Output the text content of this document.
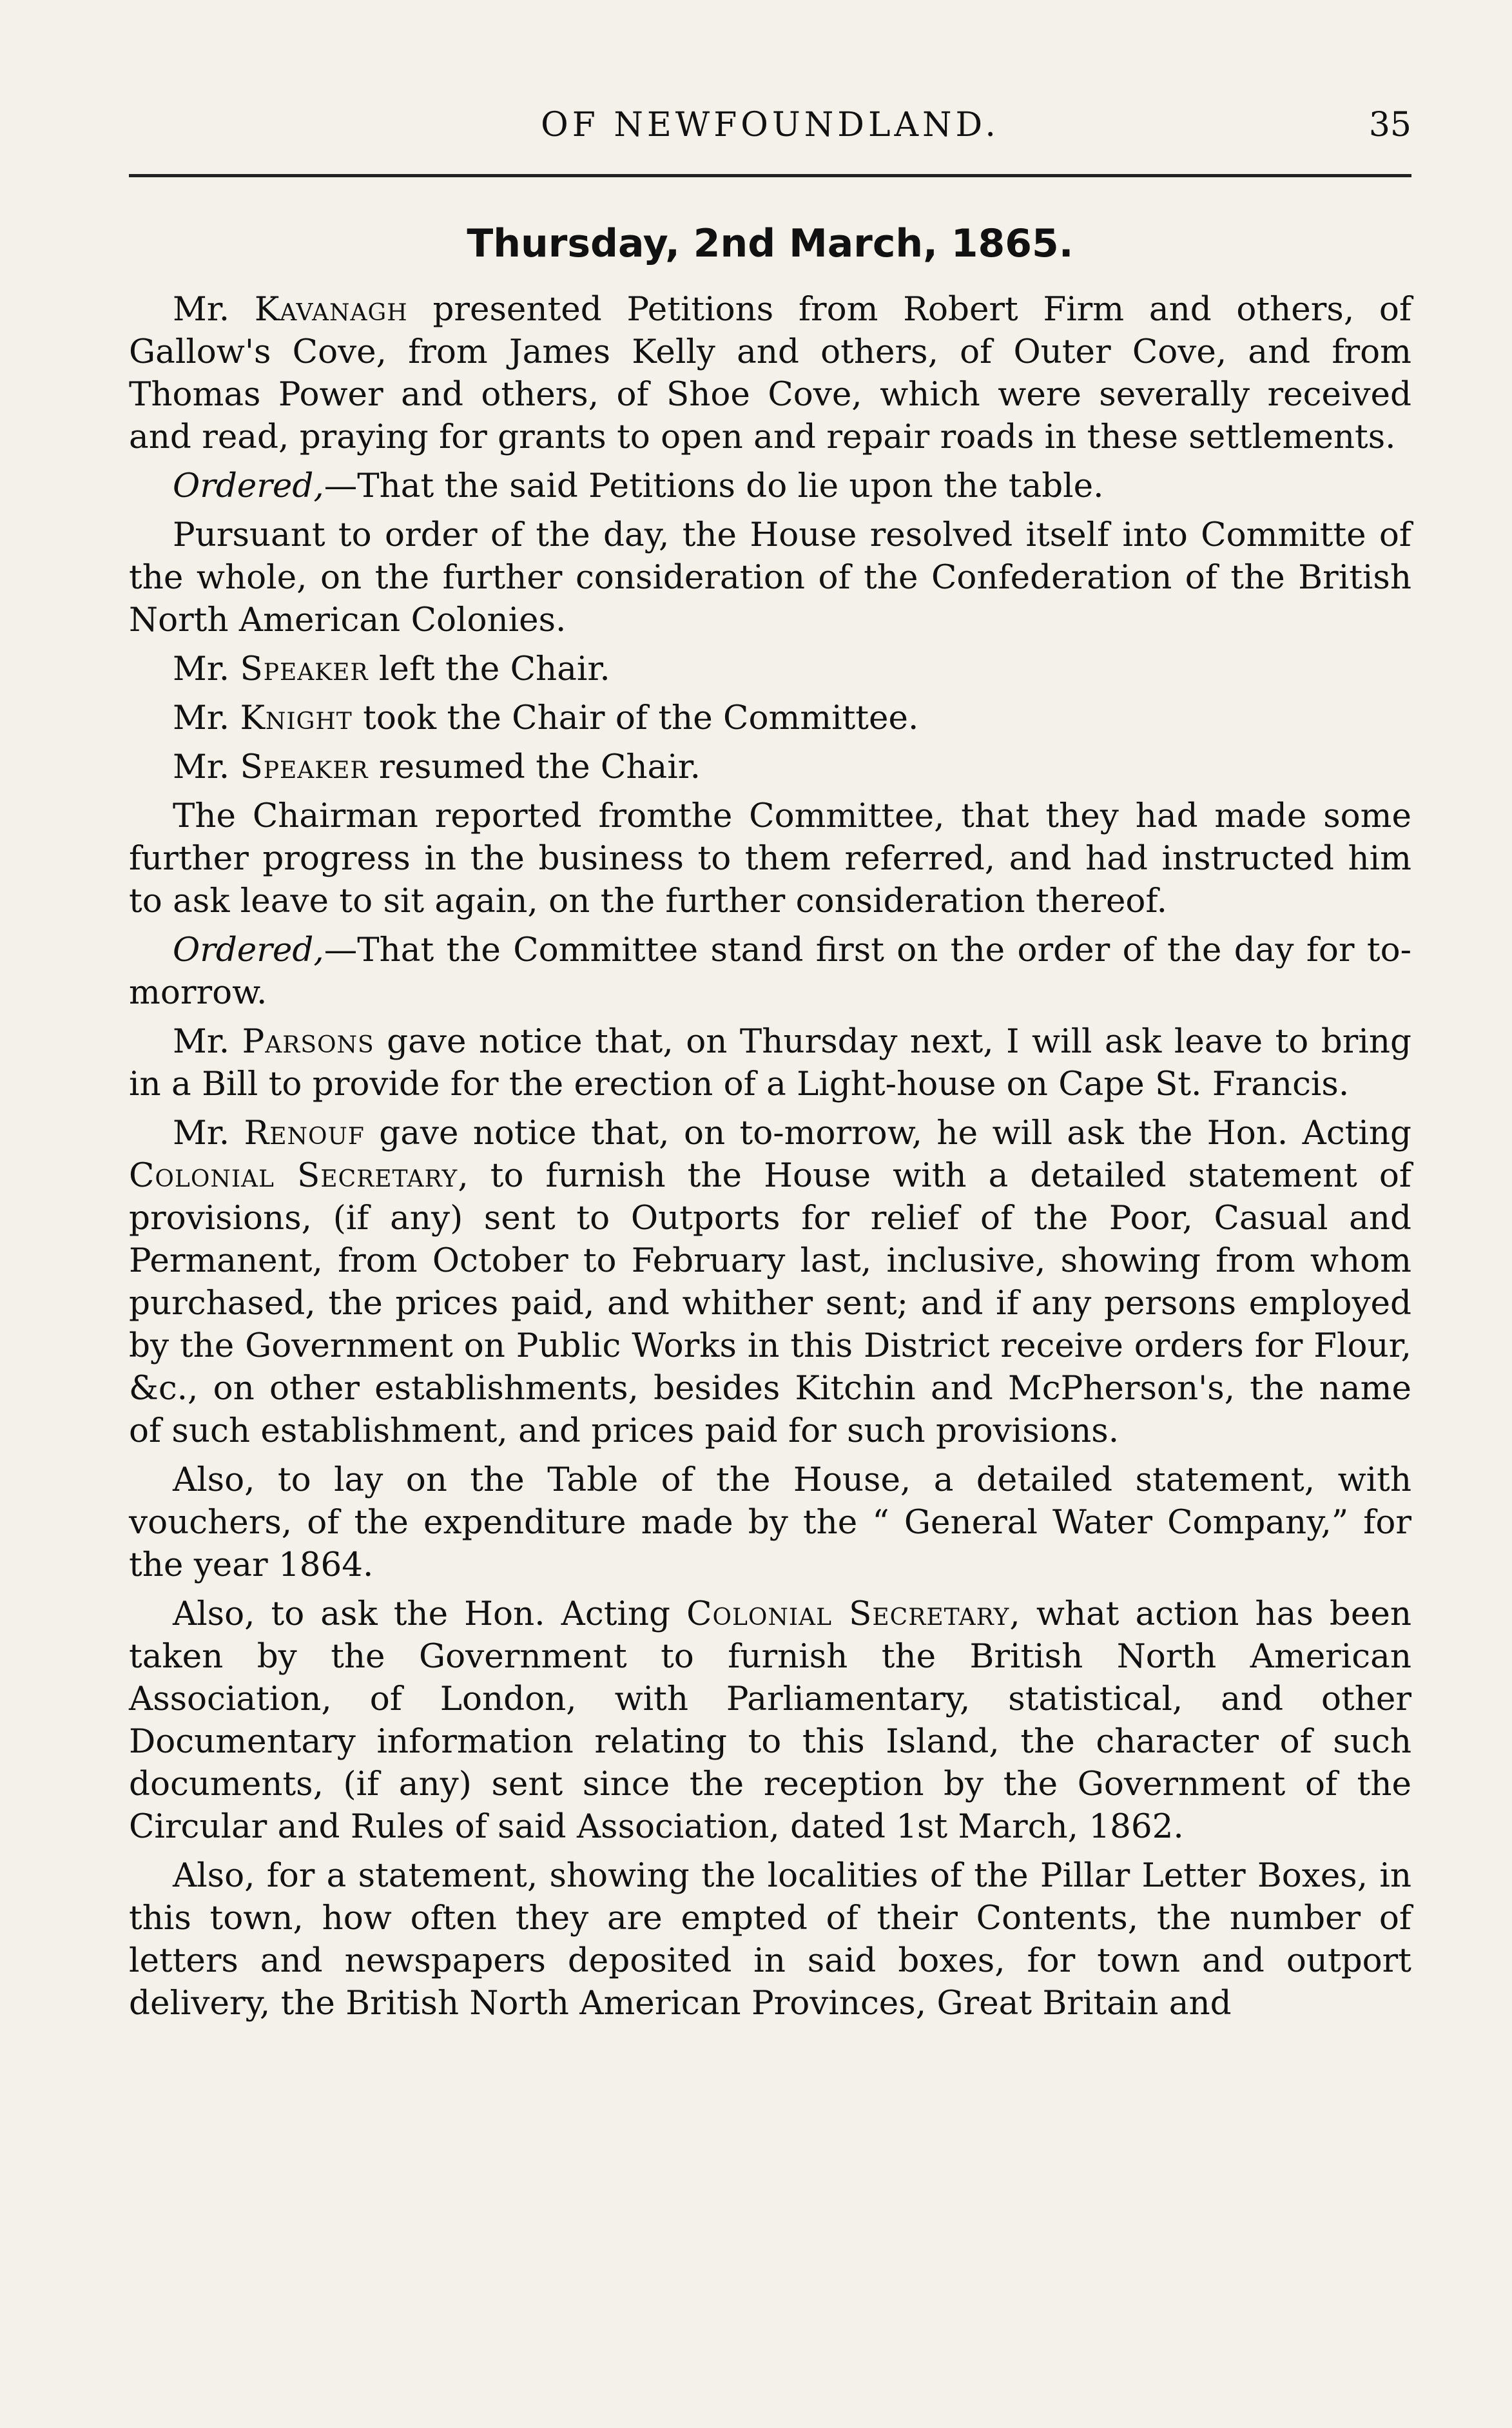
OF NEWFOUNDLAND.	35
Thursday, 2nd March, 1865.

Mr. Kavanagh presented Petitions from Robert Firm and others, of Gallow's Cove, from James Kelly and others, of Outer Cove, and from Thomas Power and others, of Shoe Cove, which were severally received and read, praying for grants to open and repair roads in these settlements.

Ordered,—That the said Petitions do lie upon the table.

Pursuant to order of the day, the House resolved itself into Committe of the whole, on the further consideration of the Confederation of the British North American Colonies.

Mr. Speaker left the Chair.

Mr. Knight took the Chair of the Committee.

Mr. Speaker resumed the Chair.

The Chairman reported fromthe Committee, that they had made some further progress in the business to them referred, and had instructed him to ask leave to sit again, on the further consideration thereof.

Ordered,—That the Committee stand first on the order of the day for to-morrow.

Mr. Parsons gave notice that, on Thursday next, I will ask leave to bring in a Bill to provide for the erection of a Light-house on Cape St. Francis.

Mr. Renouf gave notice that, on to-morrow, he will ask the Hon. Acting Colonial Secretary, to furnish the House with a detailed statement of provisions, (if any) sent to Outports for relief of the Poor, Casual and Permanent, from October to February last, inclusive, showing from whom purchased, the prices paid, and whither sent; and if any persons employed by the Government on Public Works in this District receive orders for Flour, &c., on other establishments, besides Kitchin and McPherson's, the name of such establishment, and prices paid for such provisions.

Also, to lay on the Table of the House, a detailed statement, with vouchers, of the expenditure made by the “ General Water Company,” for the year 1864.

Also, to ask the Hon. Acting Colonial Secretary, what action has been taken by the Government to furnish the British North American Association, of London, with Parliamentary, statistical, and other Documentary information relating to this Island, the character of such documents, (if any) sent since the reception by the Government of the Circular and Rules of said Association, dated 1st March, 1862.

Also, for a statement, showing the localities of the Pillar Letter Boxes, in this town, how often they are empted of their Contents, the number of letters and newspapers deposited in said boxes, for town and outport delivery, the British North American Provinces, Great Britain and
